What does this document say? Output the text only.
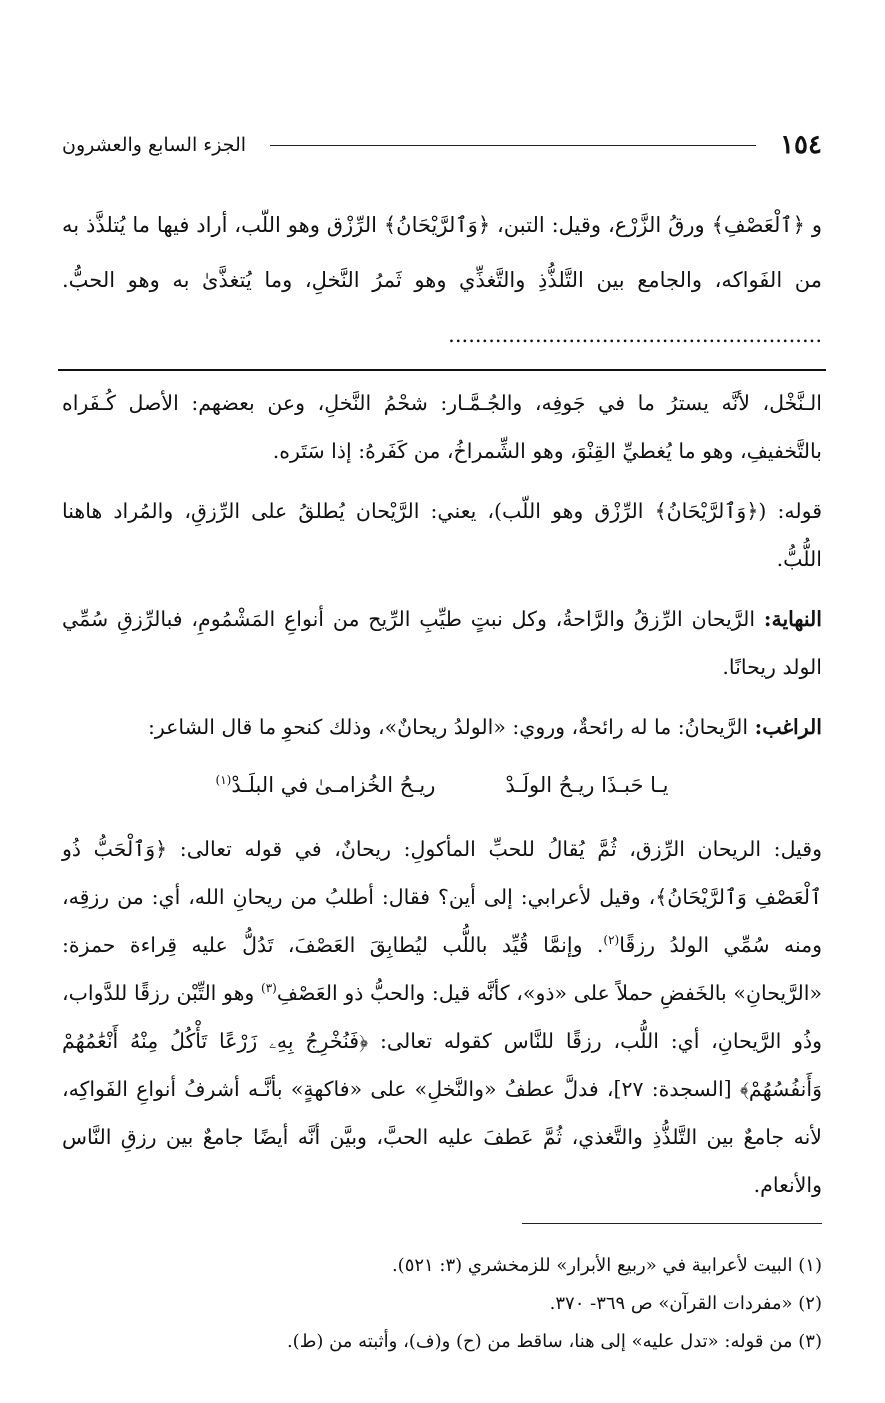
١٥٤
الجزء السابع والعشرون
و ﴿ٱلْعَصْفِ﴾ ورقُ الزَّرْع، وقيل: التبن، ﴿وَٱلرَّيْحَانُ﴾ الرِّزْق وهو اللّب، أراد فيها ما يُتلذَّذ به من الفَواكه، والجامع بين التَّلذُّذِ والتَّغذِّي وهو ثَمرُ النَّخلِ، وما يُتغذَّىٰ به وهو الحبُّ. ........................................................

الـنَّخْل، لأنَّه يسترُ ما في جَوفِه، والجُـمَّـار: شحْمُ النَّخلِ، وعن بعضهم: الأصل كُـفَراه بالتَّخفيفِ، وهو ما يُغطيِّ القِنْوَ، وهو الشِّمراخُ، من كَفَرهُ: إذا سَتَره.

قوله: (﴿وَٱلرَّيْحَانُ﴾ الرِّزْق وهو اللّب)، يعني: الرَّيْحان يُطلقُ على الرِّزقِ، والمُراد هاهنا اللُّبُّ.

النهاية: الرَّيحان الرِّزقُ والرَّاحةُ، وكل نبتٍ طيِّبِ الرِّيح من أنواعِ المَشْمُومِ، فبالرِّزقِ سُمِّي الولد ريحانًا.

الراغب: الرَّيحانُ: ما له رائحةٌ، وروي: «الولدُ ريحانٌ»، وذلك كنحوِ ما قال الشاعر:

يـا حَبـذَا ريـحُ الولَـدْ
ريـحُ الخُزامـىٰ في البلَـدْ$^{(١)}$

وقيل: الريحان الرِّزق، ثُمَّ يُقالُ للحبِّ المأكولِ: ريحانٌ، في قوله تعالى: ﴿وَٱلْحَبُّ ذُو ٱلْعَصْفِ وَٱلرَّيْحَانُ﴾، وقيل لأعرابي: إلى أين؟ فقال: أطلبُ من ريحانِ الله، أي: من رزقِه، ومنه سُمِّي الولدُ رزقًا$^{(٢)}$. وإنمَّا قُيِّد باللُّب ليُطابِقَ العَصْفَ، تَدُلُّ عليه قِراءة حمزة: «الرَّيحانِ» بالخَفضِ حملاً على «ذو»، كأنَّه قيل: والحبُّ ذو العَصْفِ$^{(٣)}$ وهو التِّبْن رزقًا للدَّواب، وذُو الرَّيحانِ، أي: اللُّب، رزقًا للنَّاس كقوله تعالى: ﴿فَنُخْرِجُ بِهِۦ زَرْعًا تَأْكُلُ مِنْهُ أَنْعَٰمُهُمْ وَأَنفُسُهُمْ﴾ [السجدة: ٢٧]، فدلَّ عطفُ «والنَّخلِ» على «فاكهةٍ» بأنَّـه أشرفُ أنواعِ الفَواكِه، لأنه جامعٌ بين التَّلذُّذِ والتَّغذي، ثُمَّ عَطفَ عليه الحبَّ، وبيَّن أنَّه أيضًا جامعٌ بين رزقِ النَّاس والأنعام.

(١) البيت لأعرابية في «ربيع الأبرار» للزمخشري (٣: ٥٢١).
(٢) «مفردات القرآن» ص ٣٦٩- ٣٧٠.
(٣) من قوله: «تدل عليه» إلى هنا، ساقط من (ح) و(ف)، وأثبته من (ط).
